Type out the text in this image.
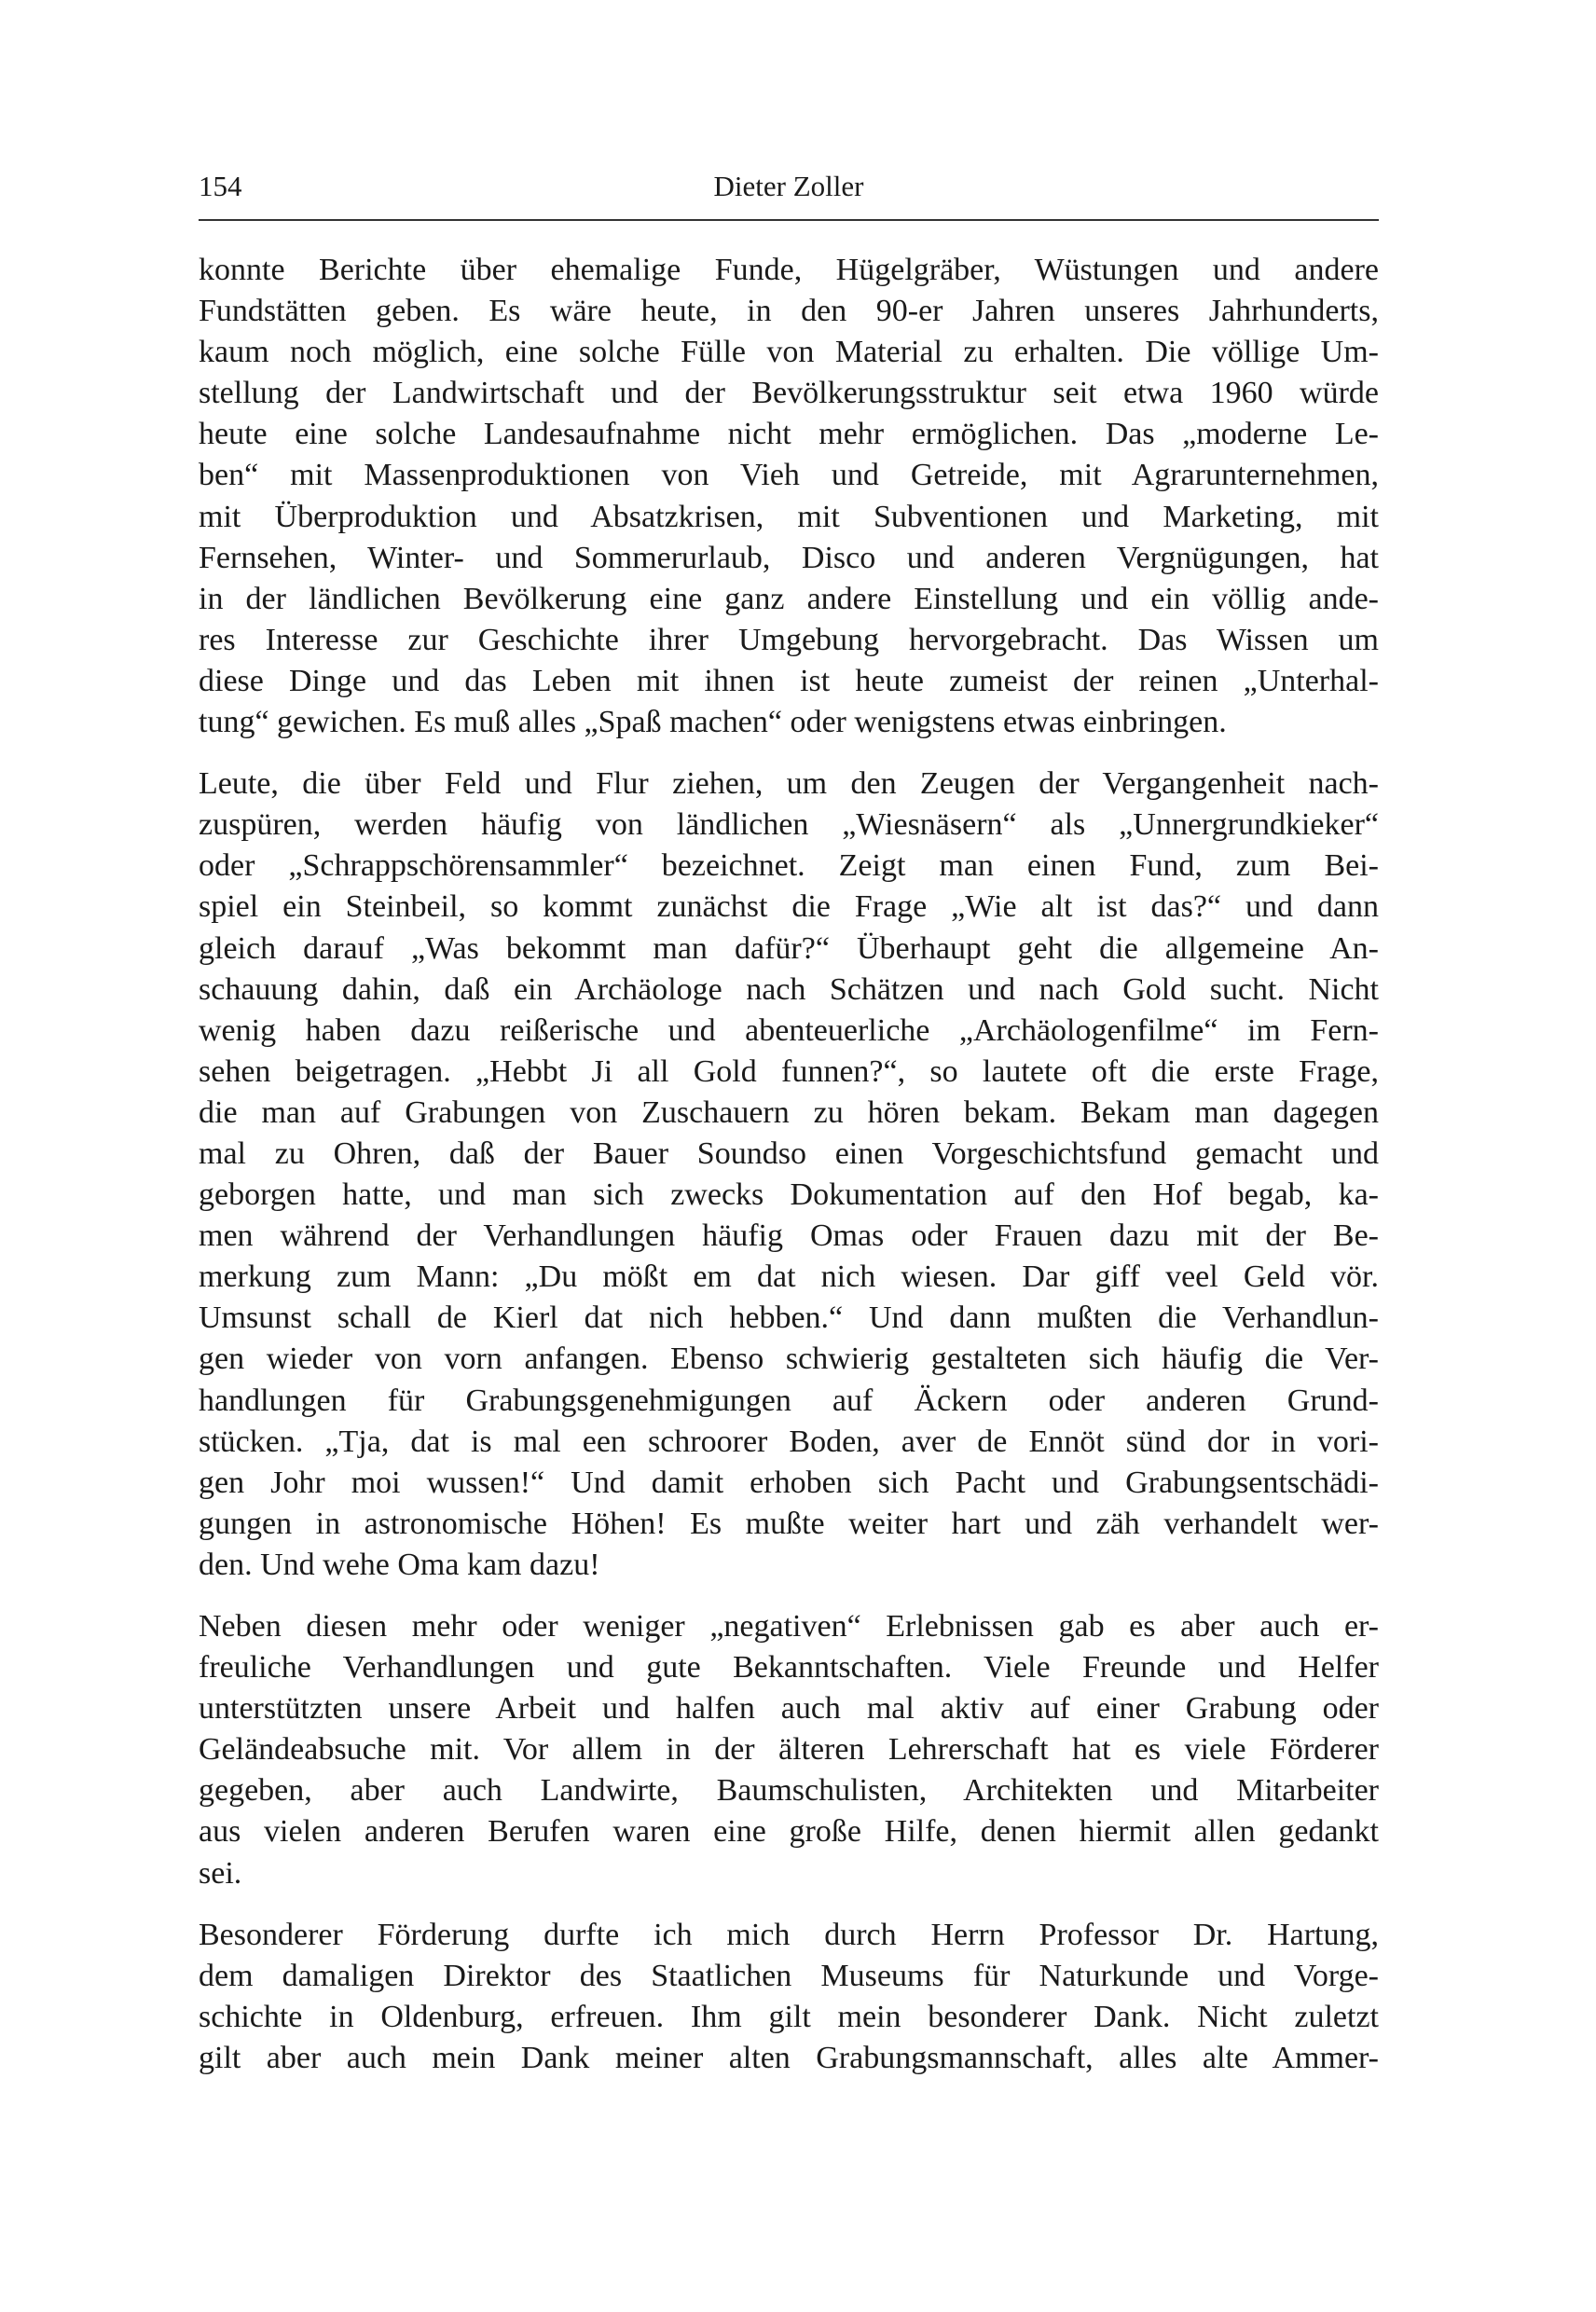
154	Dieter Zoller
konnte Berichte über ehemalige Funde, Hügelgräber, Wüstungen und andere
Fundstätten geben. Es wäre heute, in den 90-er Jahren unseres Jahrhunderts,
kaum noch möglich, eine solche Fülle von Material zu erhalten. Die völlige Um-
stellung der Landwirtschaft und der Bevölkerungsstruktur seit etwa 1960 würde
heute eine solche Landesaufnahme nicht mehr ermöglichen. Das „moderne Le-
ben“ mit Massenproduktionen von Vieh und Getreide, mit Agrarunternehmen,
mit Überproduktion und Absatzkrisen, mit Subventionen und Marketing, mit
Fernsehen, Winter- und Sommerurlaub, Disco und anderen Vergnügungen, hat
in der ländlichen Bevölkerung eine ganz andere Einstellung und ein völlig ande-
res Interesse zur Geschichte ihrer Umgebung hervorgebracht. Das Wissen um
diese Dinge und das Leben mit ihnen ist heute zumeist der reinen „Unterhal-
tung“ gewichen. Es muß alles „Spaß machen“ oder wenigstens etwas einbringen.
Leute, die über Feld und Flur ziehen, um den Zeugen der Vergangenheit nach-
zuspüren, werden häufig von ländlichen „Wiesnäsern“ als „Unnergrundkieker“
oder „Schrappschörensammler“ bezeichnet. Zeigt man einen Fund, zum Bei-
spiel ein Steinbeil, so kommt zunächst die Frage „Wie alt ist das?“ und dann
gleich darauf „Was bekommt man dafür?“ Überhaupt geht die allgemeine An-
schauung dahin, daß ein Archäologe nach Schätzen und nach Gold sucht. Nicht
wenig haben dazu reißerische und abenteuerliche „Archäologenfilme“ im Fern-
sehen beigetragen. „Hebbt Ji all Gold funnen?“, so lautete oft die erste Frage,
die man auf Grabungen von Zuschauern zu hören bekam. Bekam man dagegen
mal zu Ohren, daß der Bauer Soundso einen Vorgeschichtsfund gemacht und
geborgen hatte, und man sich zwecks Dokumentation auf den Hof begab, ka-
men während der Verhandlungen häufig Omas oder Frauen dazu mit der Be-
merkung zum Mann: „Du mößt em dat nich wiesen. Dar giff veel Geld vör.
Umsunst schall de Kierl dat nich hebben.“ Und dann mußten die Verhandlun-
gen wieder von vorn anfangen. Ebenso schwierig gestalteten sich häufig die Ver-
handlungen für Grabungsgenehmigungen auf Äckern oder anderen Grund-
stücken. „Tja, dat is mal een schroorer Boden, aver de Ennöt sünd dor in vori-
gen Johr moi wussen!“ Und damit erhoben sich Pacht und Grabungsentschädi-
gungen in astronomische Höhen! Es mußte weiter hart und zäh verhandelt wer-
den. Und wehe Oma kam dazu!
Neben diesen mehr oder weniger „negativen“ Erlebnissen gab es aber auch er-
freuliche Verhandlungen und gute Bekanntschaften. Viele Freunde und Helfer
unterstützten unsere Arbeit und halfen auch mal aktiv auf einer Grabung oder
Geländeabsuche mit. Vor allem in der älteren Lehrerschaft hat es viele Förderer
gegeben, aber auch Landwirte, Baumschulisten, Architekten und Mitarbeiter
aus vielen anderen Berufen waren eine große Hilfe, denen hiermit allen gedankt
sei.
Besonderer Förderung durfte ich mich durch Herrn Professor Dr. Hartung,
dem damaligen Direktor des Staatlichen Museums für Naturkunde und Vorge-
schichte in Oldenburg, erfreuen. Ihm gilt mein besonderer Dank. Nicht zuletzt
gilt aber auch mein Dank meiner alten Grabungsmannschaft, alles alte Ammer-
